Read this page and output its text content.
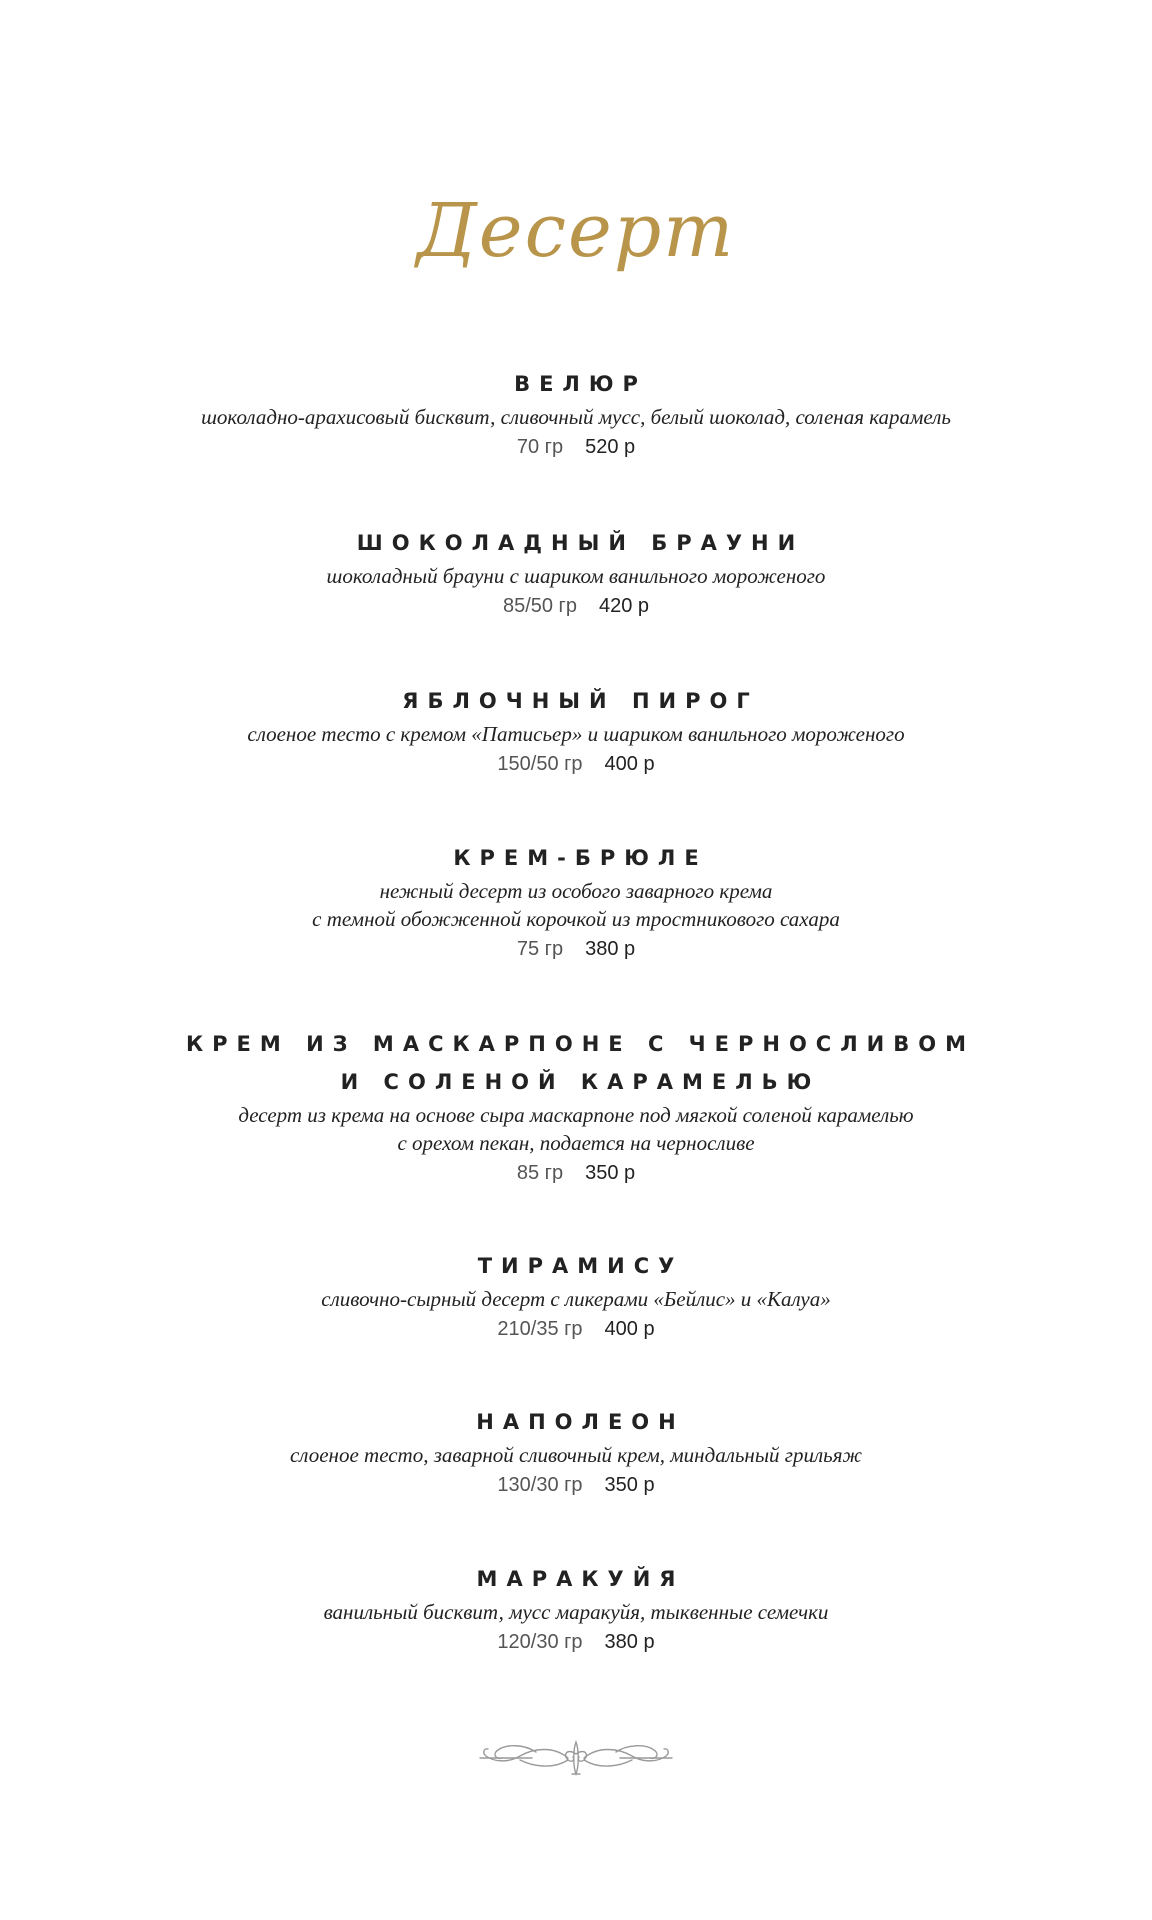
Десерт

ВЕЛЮР

шоколадно-арахисовый бисквит, сливочный мусс, белый шоколад, соленая карамель

70 гр 520 р

ШОКОЛАДНЫЙ БРАУНИ

шоколадный брауни с шариком ванильного мороженого

85/50 гр 420 р

ЯБЛОЧНЫЙ ПИРОГ

слоеное тесто с кремом «Патисьер» и шариком ванильного мороженого

150/50 гр 400 р

КРЕМ-БРЮЛЕ

нежный десерт из особого заварного крема

с темной обожженной корочкой из тростникового сахара

75 гр 380 р

КРЕМ ИЗ МАСКАРПОНЕ С ЧЕРНОСЛИВОМ

И СОЛЕНОЙ КАРАМЕЛЬЮ

десерт из крема на основе сыра маскарпоне под мягкой соленой карамелью

с орехом пекан, подается на черносливе

85 гр 350 р

ТИРАМИСУ

сливочно-сырный десерт с ликерами «Бейлис» и «Калуа»

210/35 гр 400 р

НАПОЛЕОН

слоеное тесто, заварной сливочный крем, миндальный грильяж

130/30 гр 350 р

МАРАКУЙЯ

ванильный бисквит, мусс маракуйя, тыквенные семечки

120/30 гр 380 р
